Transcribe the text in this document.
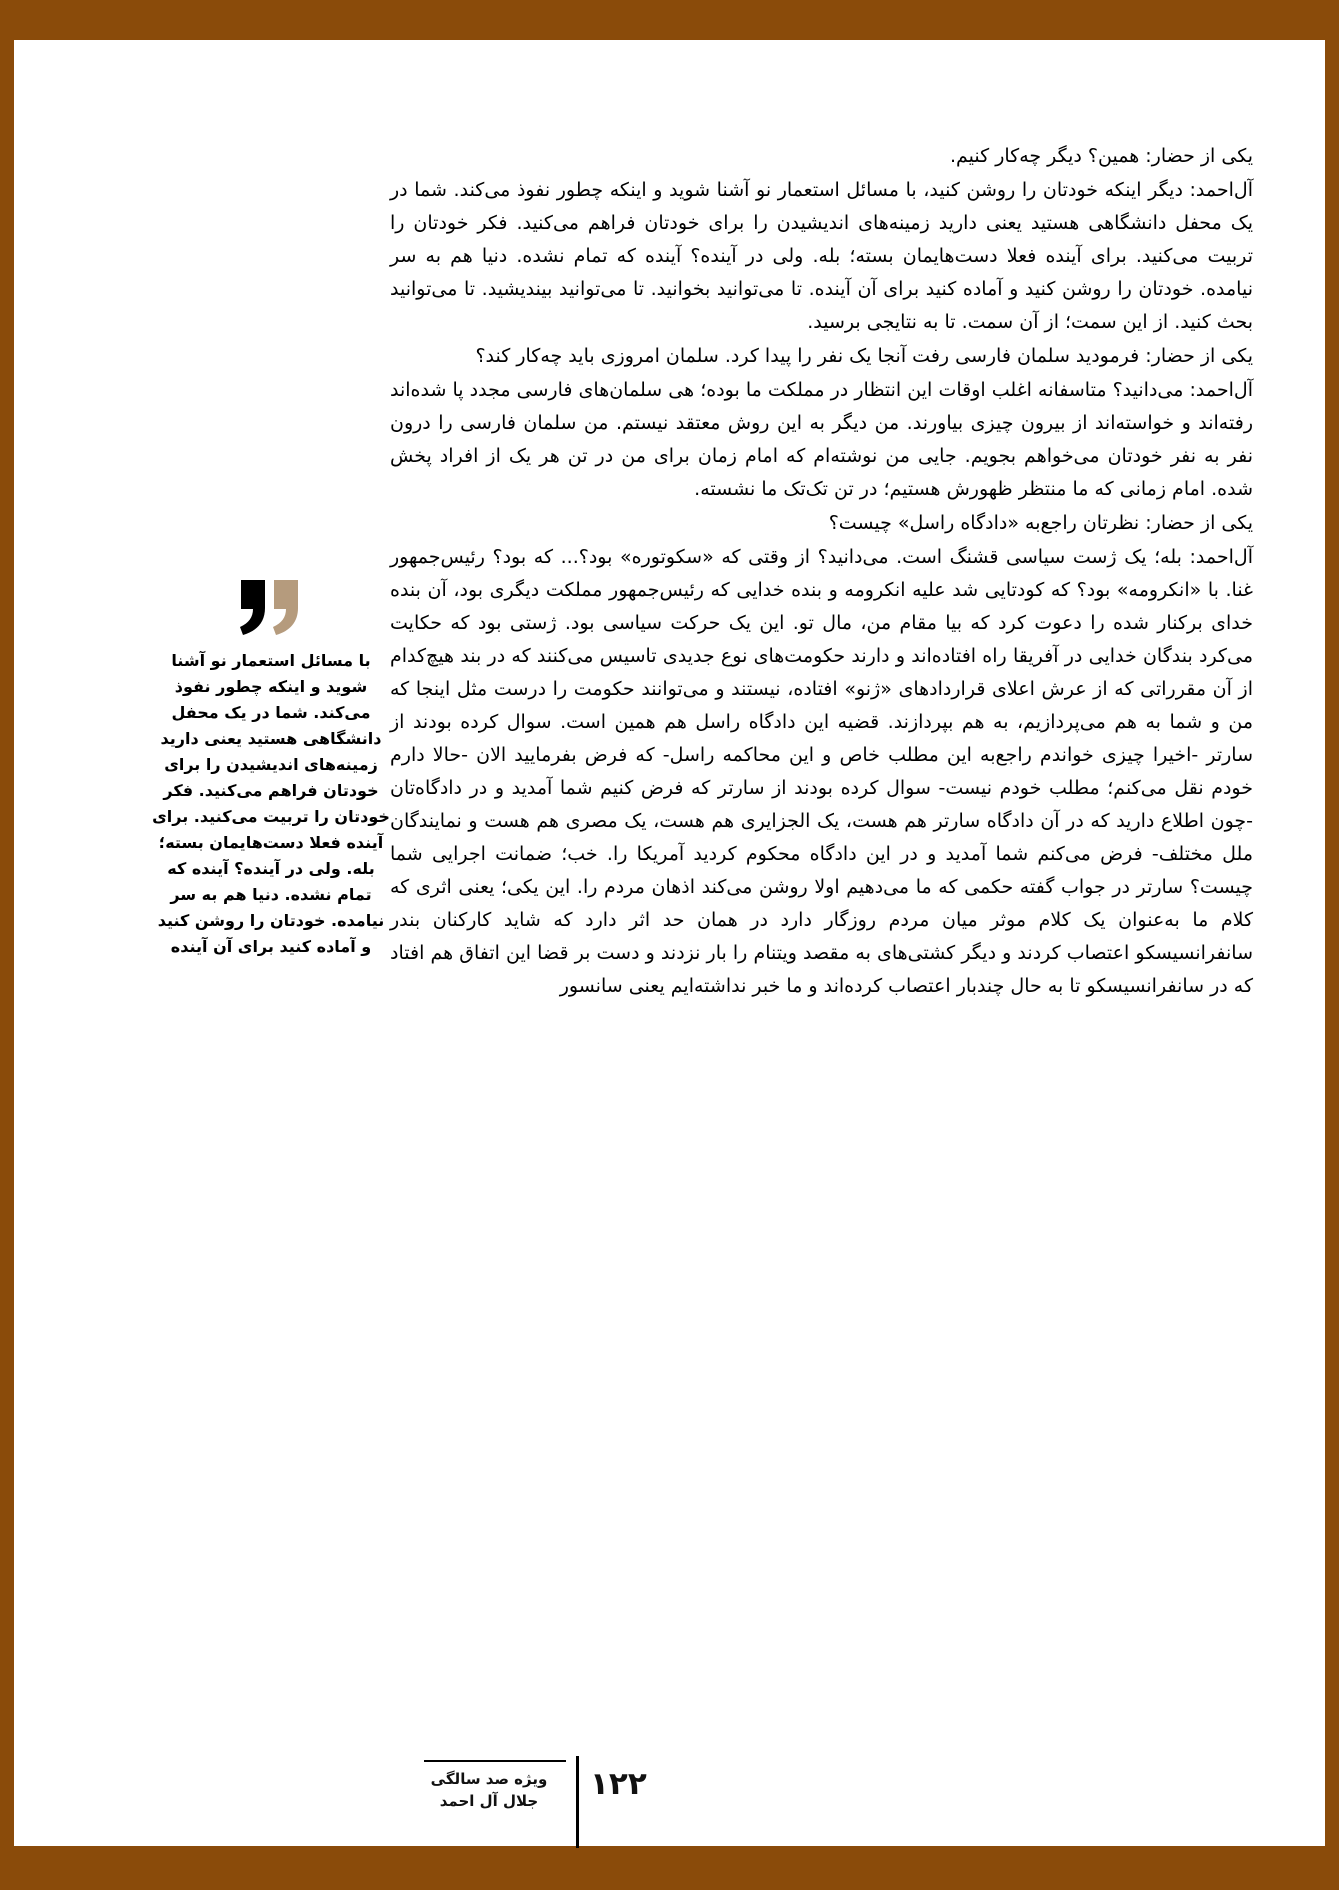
یکی از حضار: همین؟ دیگر چه‌کار کنیم.

آل‌احمد: دیگر اینکه خودتان را روشن کنید، با مسائل استعمار نو آشنا شوید و اینکه چطور نفوذ می‌کند. شما در یک محفل دانشگاهی هستید یعنی دارید زمینه‌های اندیشیدن را برای خودتان فراهم می‌کنید. فکر خودتان را تربیت می‌کنید. برای آینده فعلا دست‌هایمان بسته؛ بله. ولی در آینده؟ آینده که تمام نشده. دنیا هم به سر نیامده. خودتان را روشن کنید و آماده کنید برای آن آینده. تا می‌توانید بخوانید. تا می‌توانید بیندیشید. تا می‌توانید بحث کنید. از این سمت؛ از آن سمت. تا به نتایجی برسید.

یکی از حضار: فرمودید سلمان فارسی رفت آنجا یک نفر را پیدا کرد. سلمان امروزی باید چه‌کار کند؟

آل‌احمد: می‌دانید؟ متاسفانه اغلب اوقات این انتظار در مملکت ما بوده؛ هی سلمان‌های فارسی مجدد پا شده‌اند رفته‌اند و خواسته‌اند از بیرون چیزی بیاورند. من دیگر به این روش معتقد نیستم. من سلمان فارسی را درون نفر به نفر خودتان می‌خواهم بجویم. جایی من نوشته‌ام که امام زمان برای من در تن هر یک از افراد پخش شده. امام زمانی که ما منتظر ظهورش هستیم؛ در تن تک‌تک ما نشسته.

یکی از حضار: نظرتان راجع‌به «دادگاه راسل» چیست؟

آل‌احمد: بله؛ یک ژست سیاسی قشنگ است. می‌دانید؟ از وقتی که «سکوتوره» بود؟... که بود؟ رئیس‌جمهور غنا. با «انکرومه» بود؟ که کودتایی شد علیه انکرومه و بنده خدایی که رئیس‌جمهور مملکت دیگری بود، آن بنده خدای برکنار شده را دعوت کرد که بیا مقام من، مال تو. این یک حرکت سیاسی بود. ژستی بود که حکایت می‌کرد بندگان خدایی در آفریقا راه افتاده‌اند و دارند حکومت‌های نوع جدیدی تاسیس می‌کنند که در بند هیچ‌کدام از آن مقرراتی که از عرش اعلای قراردادهای «ژنو» افتاده، نیستند و می‌توانند حکومت را درست مثل اینجا که من و شما به هم می‌پردازیم، به هم بپردازند. قضیه این دادگاه راسل هم همین است. سوال کرده بودند از سارتر -اخیرا چیزی خواندم راجع‌به این مطلب خاص و این محاکمه راسل- که فرض بفرمایید الان -حالا دارم خودم نقل می‌کنم؛ مطلب خودم نیست- سوال کرده بودند از سارتر که فرض کنیم شما آمدید و در دادگاه‌تان -چون اطلاع دارید که در آن دادگاه سارتر هم هست، یک الجزایری هم هست، یک مصری هم هست و نمایندگان ملل مختلف- فرض می‌کنم شما آمدید و در این دادگاه محکوم کردید آمریکا را. خب؛ ضمانت اجرایی شما چیست؟ سارتر در جواب گفته حکمی که ما می‌دهیم اولا روشن می‌کند اذهان مردم را. این یکی؛ یعنی اثری که کلام ما به‌عنوان یک کلام موثر میان مردم روزگار دارد در همان حد اثر دارد که شاید کارکنان بندر سانفرانسیسکو اعتصاب کردند و دیگر کشتی‌های به مقصد ویتنام را بار نزدند و دست بر قضا این اتفاق هم افتاد که در سانفرانسیسکو تا به حال چندبار اعتصاب کرده‌اند و ما خبر نداشته‌ایم یعنی سانسور

با مسائل استعمار نو آشنا شوید و اینکه چطور نفوذ می‌کند. شما در یک محفل دانشگاهی هستید یعنی دارید زمینه‌های اندیشیدن را برای خودتان فراهم می‌کنید. فکر خودتان را تربیت می‌کنید. برای آینده فعلا دست‌هایمان بسته؛ بله. ولی در آینده؟ آینده که تمام نشده. دنیا هم به سر نیامده. خودتان را روشن کنید و آماده کنید برای آن آینده
ویژه صد سالگی
جلال آل احمد	۱۲۲
